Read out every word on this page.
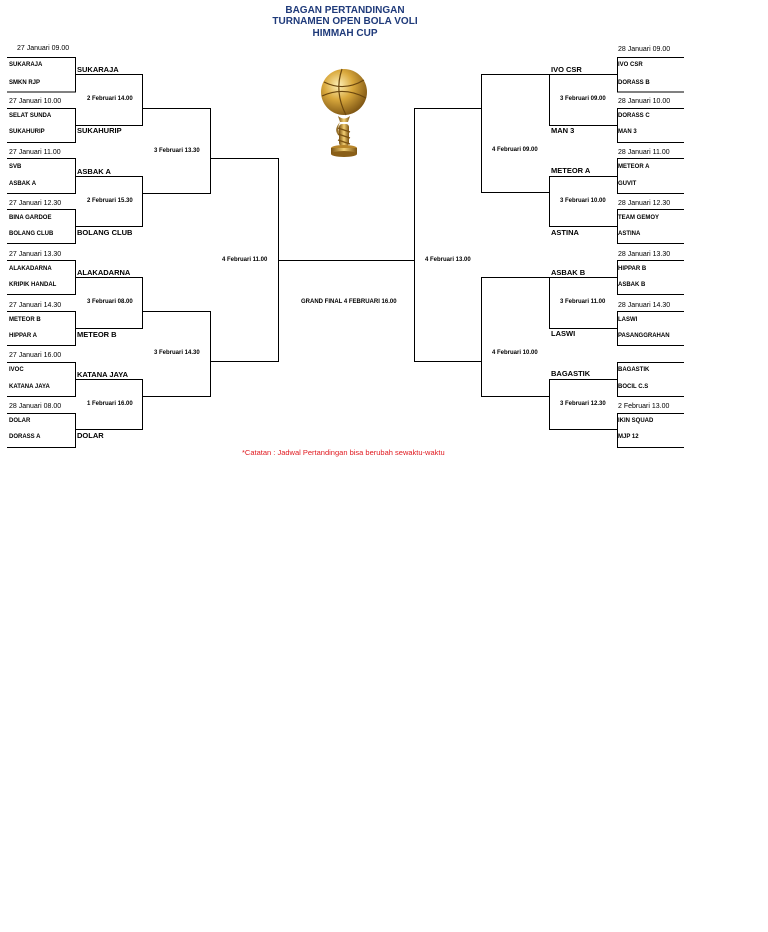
BAGAN PERTANDINGAN
TURNAMEN OPEN BOLA VOLI
HIMMAH CUP
27 Januari 09.00
SUKARAJA
SMKN RJP
27 Januari 10.00
SELAT SUNDA
SUKAHURIP
27 Januari 11.00
SVB
ASBAK A
27 Januari 12.30
BINA GARDOE
BOLANG CLUB
27 Januari 13.30
ALAKADARNA
KRIPIK HANDAL
27 Januari 14.30
METEOR B
HIPPAR A
27 Januari 16.00
IVOC
KATANA JAYA
28 Januari 08.00
DOLAR
DORASS A
SUKARAJA
SUKAHURIP
ASBAK A
BOLANG CLUB
ALAKADARNA
METEOR B
KATANA JAYA
DOLAR
2 Februari 14.00
2 Februari 15.30
3 Februari 08.00
1 Februari 16.00
3 Februari 13.30
3 Februari 14.30
4 Februari 11.00
GRAND FINAL 4 FEBRUARI 16.00
4 Februari 13.00
4 Februari 09.00
4 Februari 10.00
3 Februari 09.00
3 Februari 10.00
3 Februari 11.00
3 Februari 12.30
IVO CSR
MAN 3
METEOR A
ASTINA
ASBAK B
LASWI
BAGASTIK
28 Januari 09.00
IVO CSR
DORASS B
28 Januari 10.00
DORASS C
MAN 3
28 Januari 11.00
METEOR A
GUVIT
28 Januari 12.30
TEAM GEMOY
ASTINA
28 Januari 13.30
HIPPAR B
ASBAK B
28 Januari 14.30
LASWI
PASANGGRAHAN
BAGASTIK
BOCIL C.S
2 Februari 13.00
IKIN SQUAD
MJP 12
*Catatan : Jadwal Pertandingan bisa berubah sewaktu-waktu
